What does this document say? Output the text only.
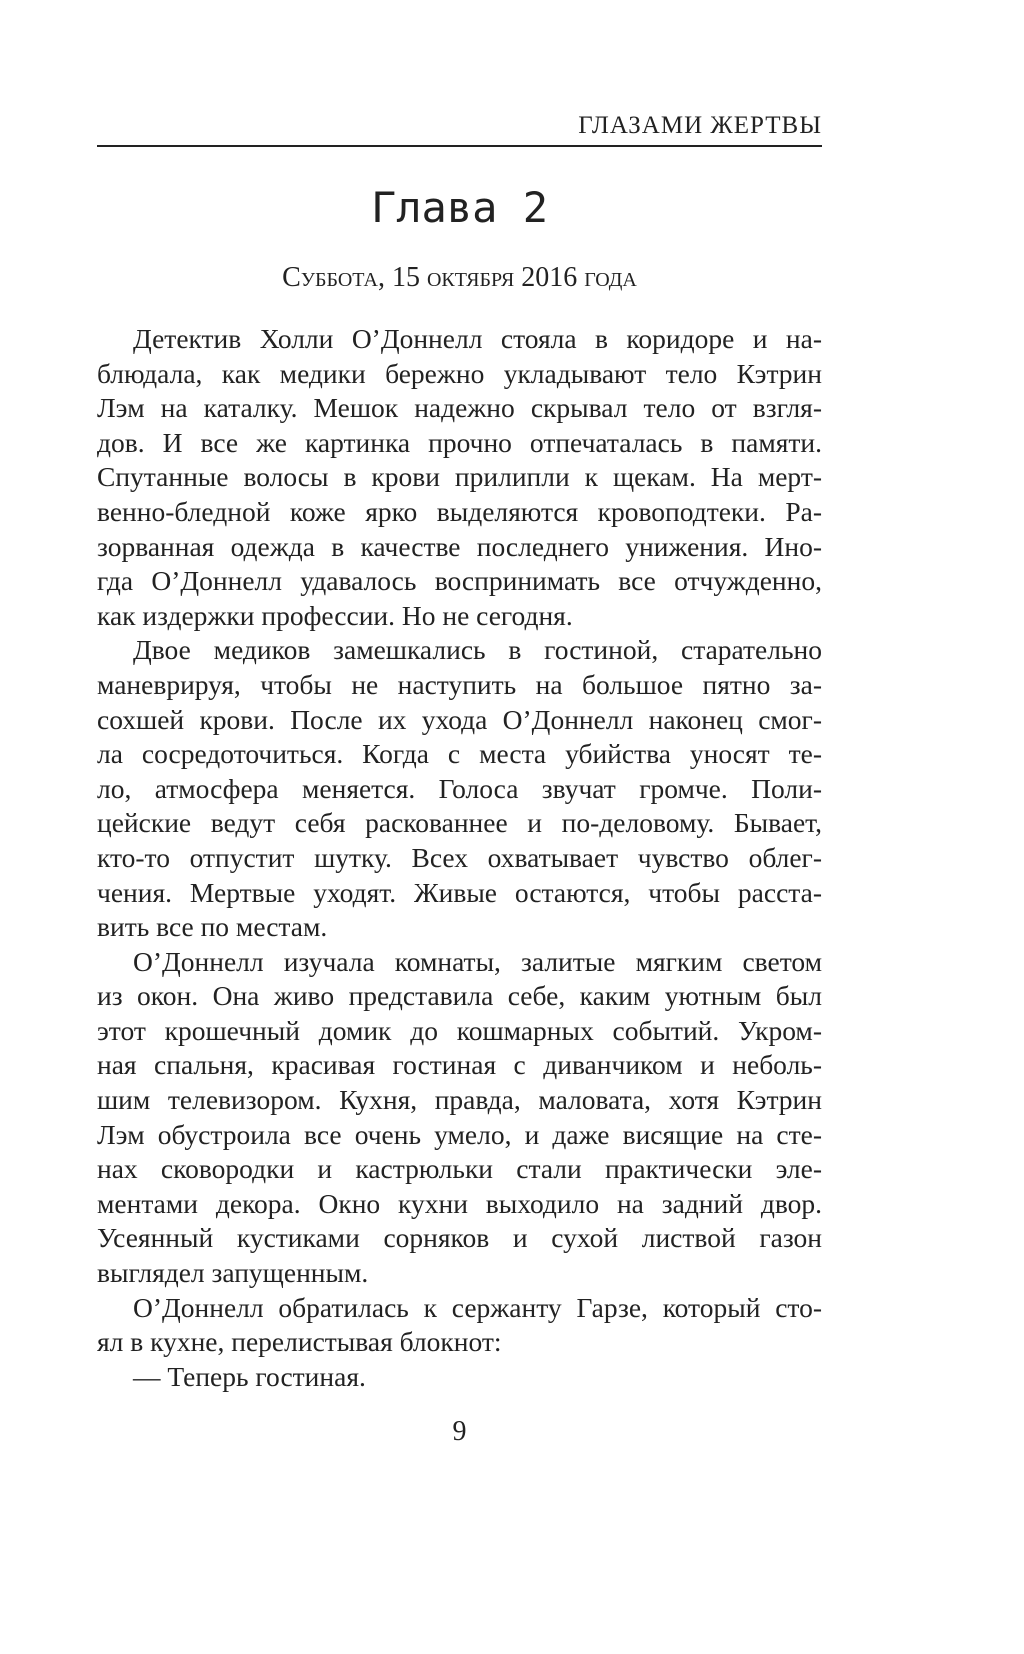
ГЛАЗАМИ ЖЕРТВЫ
Глава 2
Суббота, 15 октября 2016 года
Детектив Холли О’Доннелл стояла в коридоре и на-
блюдала, как медики бережно укладывают тело Кэтрин
Лэм на каталку. Мешок надежно скрывал тело от взгля-
дов. И все же картинка прочно отпечаталась в памяти.
Спутанные волосы в крови прилипли к щекам. На мерт-
венно-бледной коже ярко выделяются кровоподтеки. Ра-
зорванная одежда в качестве последнего унижения. Ино-
гда О’Доннелл удавалось воспринимать все отчужденно,
как издержки профессии. Но не сегодня.
Двое медиков замешкались в гостиной, старательно
маневрируя, чтобы не наступить на большое пятно за-
сохшей крови. После их ухода О’Доннелл наконец смог-
ла сосредоточиться. Когда с места убийства уносят те-
ло, атмосфера меняется. Голоса звучат громче. Поли-
цейские ведут себя раскованнее и по-деловому. Бывает,
кто-то отпустит шутку. Всех охватывает чувство облег-
чения. Мертвые уходят. Живые остаются, чтобы расста-
вить все по местам.
О’Доннелл изучала комнаты, залитые мягким светом
из окон. Она живо представила себе, каким уютным был
этот крошечный домик до кошмарных событий. Укром-
ная спальня, красивая гостиная с диванчиком и неболь-
шим телевизором. Кухня, правда, маловата, хотя Кэтрин
Лэм обустроила все очень умело, и даже висящие на сте-
нах сковородки и кастрюльки стали практически эле-
ментами декора. Окно кухни выходило на задний двор.
Усеянный кустиками сорняков и сухой листвой газон
выглядел запущенным.
О’Доннелл обратилась к сержанту Гарзе, который сто-
ял в кухне, перелистывая блокнот:
— Теперь гостиная.
9
